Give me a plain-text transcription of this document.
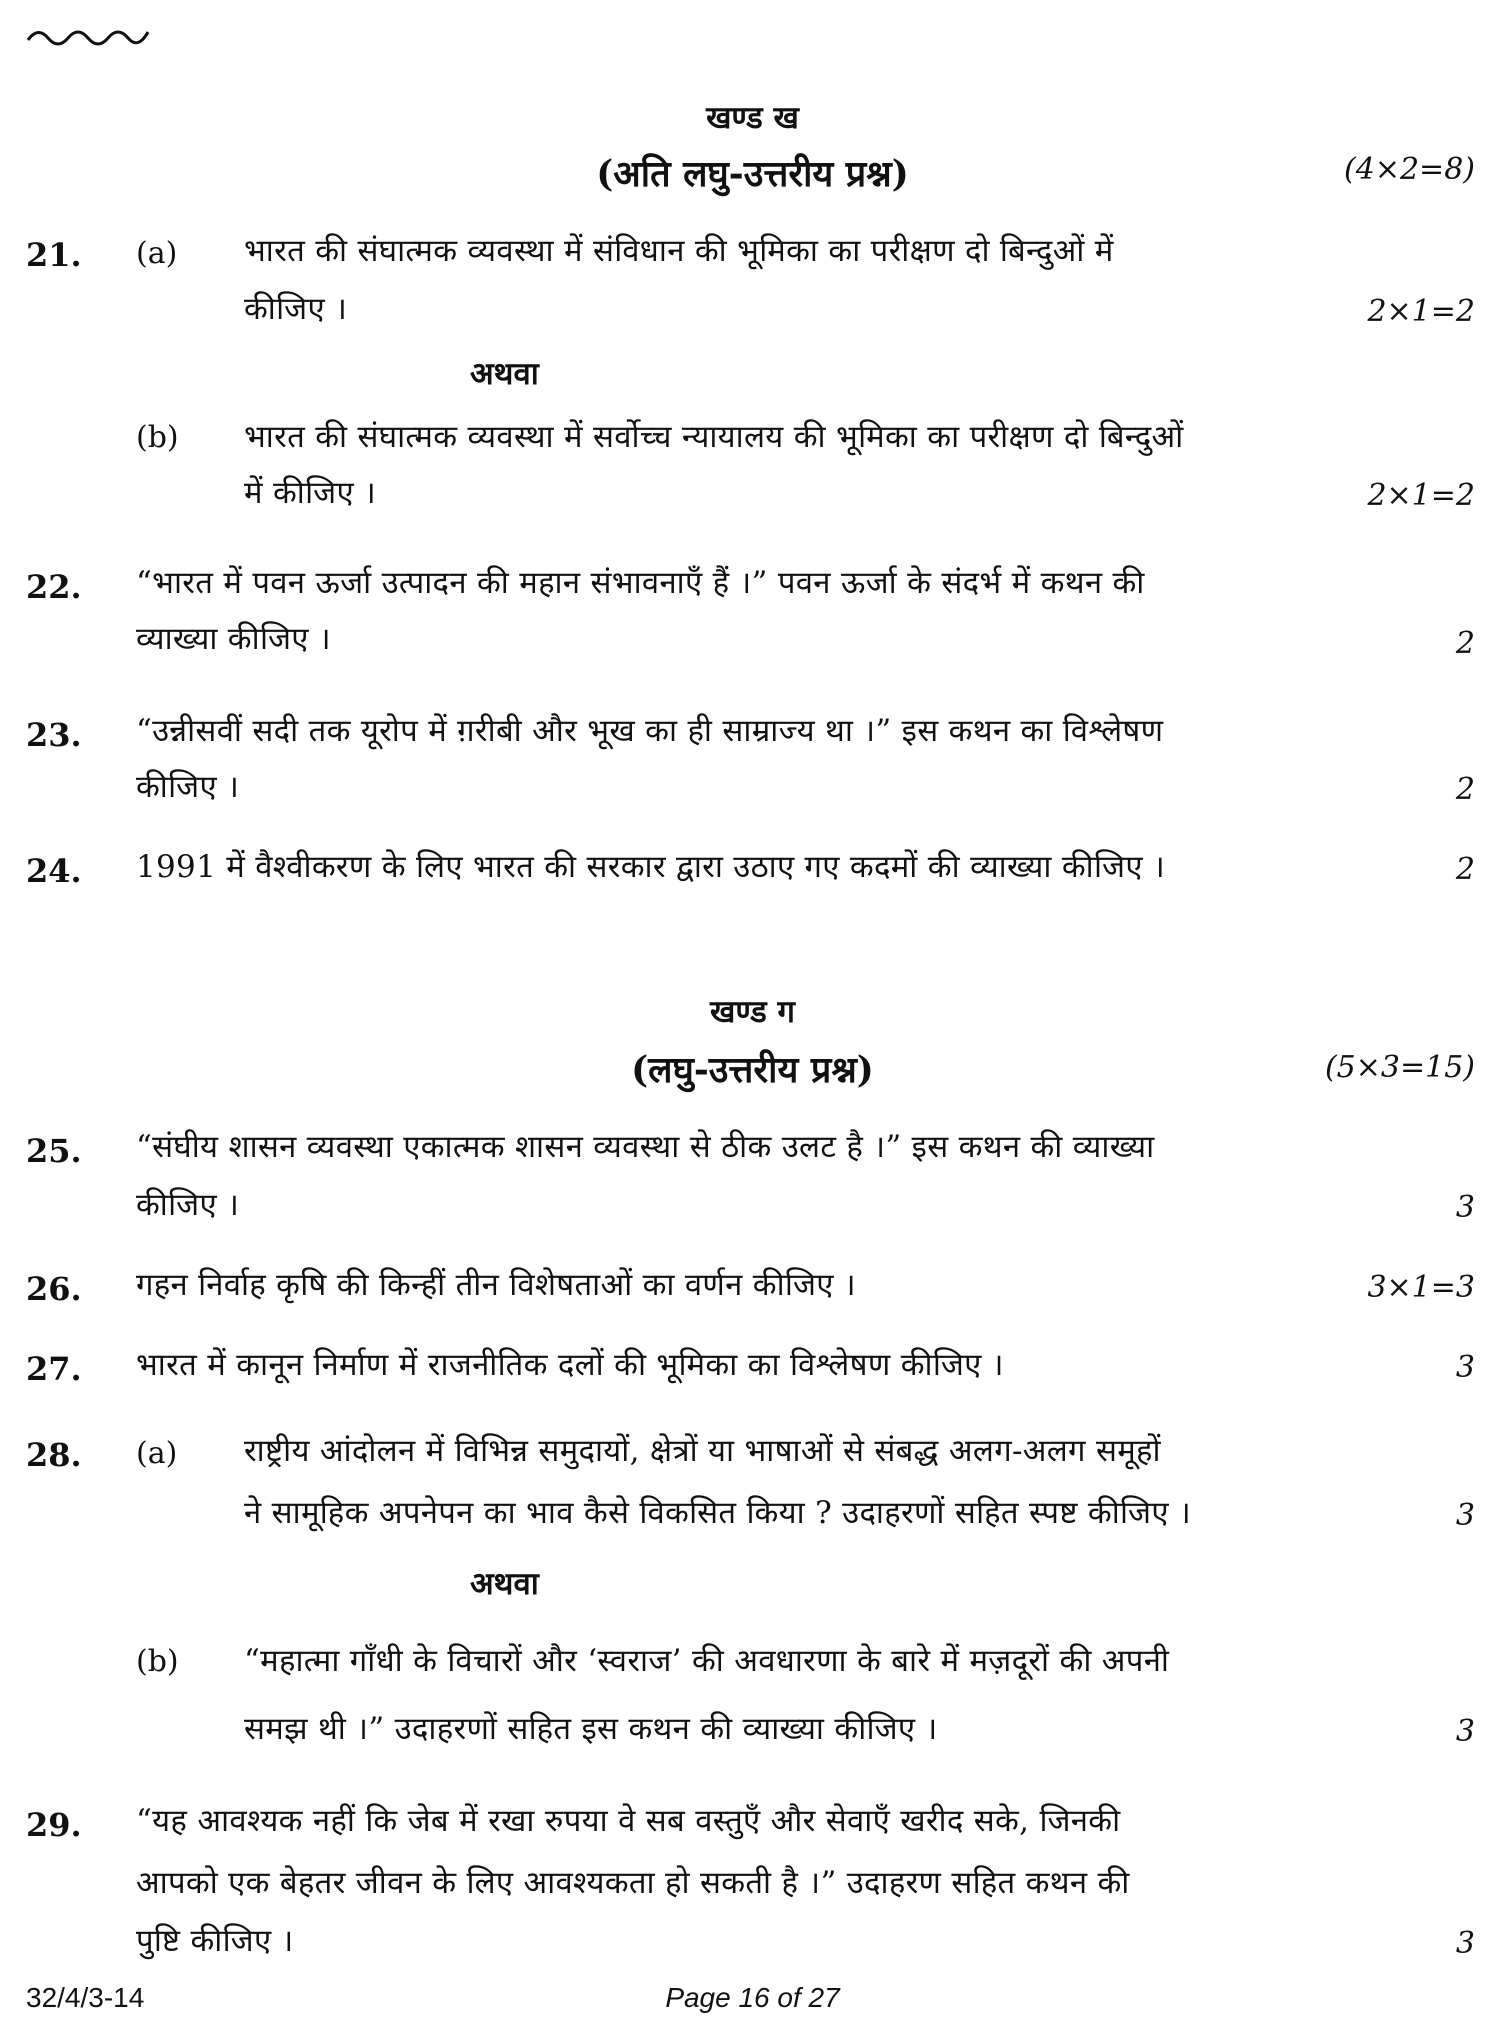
खण्ड ख
(अति लघु-उत्तरीय प्रश्न)	(4×2=8)
21. (a) भारत की संघात्मक व्यवस्था में संविधान की भूमिका का परीक्षण दो बिन्दुओं में
कीजिए ।	2×1=2
अथवा
(b) भारत की संघात्मक व्यवस्था में सर्वोच्च न्यायालय की भूमिका का परीक्षण दो बिन्दुओं
में कीजिए ।	2×1=2
22. “भारत में पवन ऊर्जा उत्पादन की महान संभावनाएँ हैं ।” पवन ऊर्जा के संदर्भ में कथन की
व्याख्या कीजिए ।	2
23. “उन्नीसवीं सदी तक यूरोप में ग़रीबी और भूख का ही साम्राज्य था ।” इस कथन का विश्लेषण
कीजिए ।	2
24. 1991 में वैश्वीकरण के लिए भारत की सरकार द्वारा उठाए गए कदमों की व्याख्या कीजिए ।	2
खण्ड ग
(लघु-उत्तरीय प्रश्न)	(5×3=15)
25. “संघीय शासन व्यवस्था एकात्मक शासन व्यवस्था से ठीक उलट है ।” इस कथन की व्याख्या
कीजिए ।	3
26. गहन निर्वाह कृषि की किन्हीं तीन विशेषताओं का वर्णन कीजिए ।	3×1=3
27. भारत में कानून निर्माण में राजनीतिक दलों की भूमिका का विश्लेषण कीजिए ।	3
28. (a) राष्ट्रीय आंदोलन में विभिन्न समुदायों, क्षेत्रों या भाषाओं से संबद्ध अलग-अलग समूहों
ने सामूहिक अपनेपन का भाव कैसे विकसित किया ? उदाहरणों सहित स्पष्ट कीजिए ।	3
अथवा
(b) “महात्मा गाँधी के विचारों और ‘स्वराज’ की अवधारणा के बारे में मज़दूरों की अपनी
समझ थी ।” उदाहरणों सहित इस कथन की व्याख्या कीजिए ।	3
29. “यह आवश्यक नहीं कि जेब में रखा रुपया वे सब वस्तुएँ और सेवाएँ खरीद सके, जिनकी
आपको एक बेहतर जीवन के लिए आवश्यकता हो सकती है ।” उदाहरण सहित कथन की
पुष्टि कीजिए ।	3
32/4/3-14	Page 16 of 27
